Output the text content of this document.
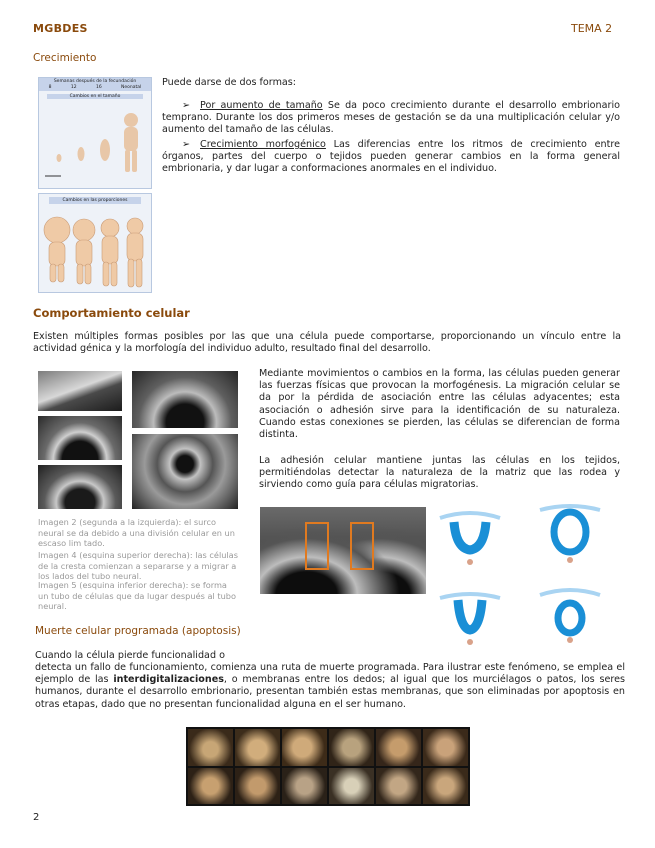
MGBDES	TEMA 2
Crecimiento
Semanas después de la fecundación
8	12	16	Neonatal
Cambios en el tamaño
Cambios en las proporciones
Puede darse de dos formas:

➢ Por aumento de tamaño Se da poco crecimiento durante el desarrollo embrionario temprano. Durante los dos primeros meses de gestación se da una multiplicación celular y/o aumento del tamaño de las células.

➢ Crecimiento morfogénico Las diferencias entre los ritmos de crecimiento entre órganos, partes del cuerpo o tejidos pueden generar cambios en la forma general embrionaria, y dar lugar a conformaciones anormales en el individuo.

Comportamiento celular

Existen múltiples formas posibles por las que una célula puede comportarse, proporcionando un vínculo entre la actividad génica y la morfología del individuo adulto, resultado final del desarrollo.

Imagen 2 (segunda a la izquierda): el surco neural se da debido a una división celular en un escaso lim tado.
Imagen 4 (esquina superior derecha): las células de la cresta comienzan a separarse y a migrar a los lados del tubo neural.
Imagen 5 (esquina inferior derecha): se forma un tubo de células que da lugar después al tubo neural.

Mediante movimientos o cambios en la forma, las células pueden generar las fuerzas físicas que provocan la morfogénesis. La migración celular se da por la pérdida de asociación entre las células adyacentes; esta asociación o adhesión sirve para la identificación de su naturaleza. Cuando estas conexiones se pierden, las células se diferencian de forma distinta.

La adhesión celular mantiene juntas las células en los tejidos, permitiéndolas detectar la naturaleza de la matriz que las rodea y sirviendo como guía para células migratorias.

Muerte celular programada (apoptosis)
Cuando la célula pierde funcionalidad o

detecta un fallo de funcionamiento, comienza una ruta de muerte programada. Para ilustrar este fenómeno, se emplea el ejemplo de las interdigitalizaciones, o membranas entre los dedos; al igual que los murciélagos o patos, los seres humanos, durante el desarrollo embrionario, presentan también estas membranas, que son eliminadas por apoptosis en otras etapas, dado que no presentan funcionalidad alguna en el ser humano.

2
